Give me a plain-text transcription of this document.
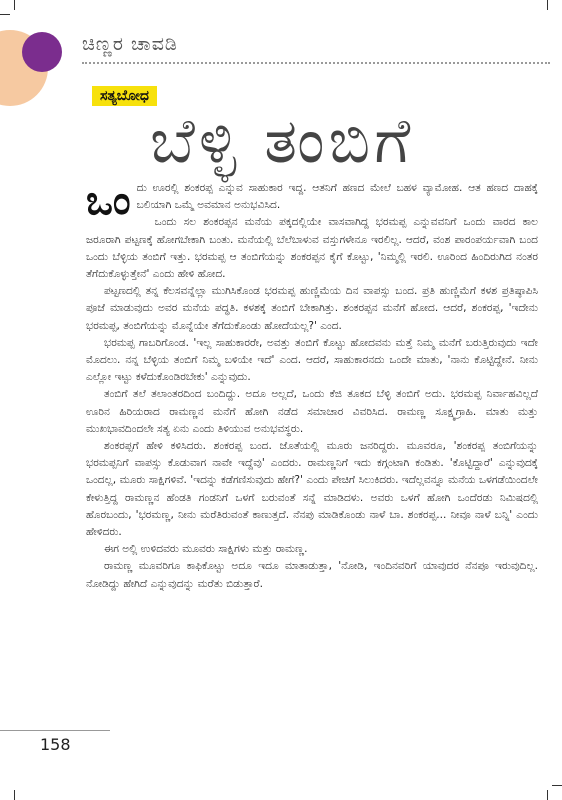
ಚಿಣ್ಣರ ಚಾವಡಿ
ಸತ್ಯಬೋಧ
ಬೆಳ್ಳಿ ತಂಬಿಗೆ

ಒಂದು ಊರಲ್ಲಿ ಶಂಕರಪ್ಪ ಎನ್ನುವ ಸಾಹುಕಾರ ಇದ್ದ. ಆತನಿಗೆ ಹಣದ ಮೇಲೆ ಬಹಳ ವ್ಯಾಮೋಹ. ಆತ ಹಣದ ದಾಹಕ್ಕೆ ಬಲಿಯಾಗಿ ಒಮ್ಮೆ ಅವಮಾನ ಅನುಭವಿಸಿದ.

ಒಂದು ಸಲ ಶಂಕರಪ್ಪನ ಮನೆಯ ಪಕ್ಕದಲ್ಲಿಯೇ ವಾಸವಾಗಿದ್ದ ಭರಮಪ್ಪ ಎನ್ನುವವನಿಗೆ ಒಂದು ವಾರದ ಕಾಲ ಜರೂರಾಗಿ ಪಟ್ಟಣಕ್ಕೆ ಹೋಗಬೇಕಾಗಿ ಬಂತು. ಮನೆಯಲ್ಲಿ ಬೆಲೆಬಾಳುವ ವಸ್ತುಗಳೇನೂ ಇರಲಿಲ್ಲ. ಆದರೆ, ವಂಶ ಪಾರಂಪರ್ಯವಾಗಿ ಬಂದ ಒಂದು ಬೆಳ್ಳಿಯ ತಂಬಿಗೆ ಇತ್ತು. ಭರಮಪ್ಪ ಆ ತಂಬಿಗೆಯನ್ನು ಶಂಕರಪ್ಪನ ಕೈಗೆ ಕೊಟ್ಟು, 'ನಿಮ್ಮಲ್ಲಿ ಇರಲಿ. ಊರಿಂದ ಹಿಂದಿರುಗಿದ ನಂತರ ತೆಗೆದುಕೊಳ್ಳುತ್ತೇನೆ' ಎಂದು ಹೇಳಿ ಹೋದ.

ಪಟ್ಟಣದಲ್ಲಿ ತನ್ನ ಕೆಲಸವನ್ನೆಲ್ಲಾ ಮುಗಿಸಿಕೊಂಡ ಭರಮಪ್ಪ ಹುಣ್ಣಿಮೆಯ ದಿನ ವಾಪಸ್ಸು ಬಂದ. ಪ್ರತಿ ಹುಣ್ಣಿಮೆಗೆ ಕಳಶ ಪ್ರತಿಷ್ಠಾಪಿಸಿ ಪೂಜೆ ಮಾಡುವುದು ಅವರ ಮನೆಯ ಪದ್ಧತಿ. ಕಳಶಕ್ಕೆ ತಂಬಿಗೆ ಬೇಕಾಗಿತ್ತು. ಶಂಕರಪ್ಪನ ಮನೆಗೆ ಹೋದ. ಆದರೆ, ಶಂಕರಪ್ಪ, 'ಇದೇನು ಭರಮಪ್ಪ, ತಂಬಿಗೆಯನ್ನು ಮೊನ್ನೆಯೇ ತೆಗೆದುಕೊಂಡು ಹೋದೆಯಲ್ಲ?' ಎಂದ.

ಭರಮಪ್ಪ ಗಾಬರಿಗೊಂಡ. 'ಇಲ್ಲ ಸಾಹುಕಾರರೇ, ಅವತ್ತು ತಂಬಿಗೆ ಕೊಟ್ಟು ಹೋದವನು ಮತ್ತೆ ನಿಮ್ಮ ಮನೆಗೆ ಬರುತ್ತಿರುವುದು ಇದೇ ಮೊದಲು. ನನ್ನ ಬೆಳ್ಳಿಯ ತಂಬಿಗೆ ನಿಮ್ಮ ಬಳಿಯೇ ಇದೆ' ಎಂದ. ಆದರೆ, ಸಾಹುಕಾರನದು ಒಂದೇ ಮಾತು, 'ನಾನು ಕೊಟ್ಟಿದ್ದೇನೆ. ನೀನು ಎಲ್ಲೋ ಇಟ್ಟು ಕಳೆದುಕೊಂಡಿರಬೇಕು' ಎನ್ನುವುದು.

ತಂಬಿಗೆ ತಲೆ ತಲಾಂತರದಿಂದ ಬಂದಿದ್ದು. ಅದೂ ಅಲ್ಲದೆ, ಒಂದು ಕೆಜಿ ತೂಕದ ಬೆಳ್ಳಿ ತಂಬಿಗೆ ಅದು. ಭರಮಪ್ಪ ನಿರ್ವಾಹವಿಲ್ಲದೆ ಊರಿನ ಹಿರಿಯರಾದ ರಾಮಣ್ಣನ ಮನೆಗೆ ಹೋಗಿ ನಡೆದ ಸಮಾಚಾರ ವಿವರಿಸಿದ. ರಾಮಣ್ಣ ಸೂಕ್ಷ್ಮಗ್ರಾಹಿ. ಮಾತು ಮತ್ತು ಮುಖಭಾವದಿಂದಲೇ ಸತ್ಯ ಏನು ಎಂದು ತಿಳಿಯುವ ಅನುಭವಸ್ಥರು.

ಶಂಕರಪ್ಪಗೆ ಹೇಳಿ ಕಳಿಸಿದರು. ಶಂಕರಪ್ಪ ಬಂದ. ಜೊತೆಯಲ್ಲಿ ಮೂರು ಜನರಿದ್ದರು. ಮೂವರೂ, 'ಶಂಕರಪ್ಪ ತಂಬಿಗೆಯನ್ನು ಭರಮಪ್ಪನಿಗೆ ವಾಪಸ್ಸು ಕೊಡುವಾಗ ನಾವೇ ಇದ್ದೆವು' ಎಂದರು. ರಾಮಣ್ಣನಿಗೆ ಇದು ಕಗ್ಗಂಟಾಗಿ ಕಂಡಿತು. 'ಕೊಟ್ಟಿದ್ದಾರೆ' ಎನ್ನುವುದಕ್ಕೆ ಒಂದಲ್ಲ, ಮೂರು ಸಾಕ್ಷಿಗಳಿವೆ. 'ಇದನ್ನು ಕಡೆಗಣಿಸುವುದು ಹೇಗೆ?' ಎಂದು ಪೇಚಿಗೆ ಸಿಲುಕಿದರು. ಇದೆಲ್ಲವನ್ನೂ ಮನೆಯ ಒಳಗಡೆಯಿಂದಲೇ ಕೇಳುತ್ತಿದ್ದ ರಾಮಣ್ಣನ ಹೆಂಡತಿ ಗಂಡನಿಗೆ ಒಳಗೆ ಬರುವಂತೆ ಸನ್ನೆ ಮಾಡಿದಳು. ಅವರು ಒಳಗೆ ಹೋಗಿ ಒಂದೆರಡು ನಿಮಿಷದಲ್ಲಿ ಹೊರಬಂದು, 'ಭರಮಣ್ಣ, ನೀನು ಮರೆತಿರುವಂತೆ ಕಾಣುತ್ತದೆ. ನೆನಪು ಮಾಡಿಕೊಂಡು ನಾಳೆ ಬಾ. ಶಂಕರಪ್ಪ... ನೀವೂ ನಾಳೆ ಬನ್ನಿ' ಎಂದು ಹೇಳಿದರು.

ಈಗ ಅಲ್ಲಿ ಉಳಿದವರು ಮೂವರು ಸಾಕ್ಷಿಗಳು ಮತ್ತು ರಾಮಣ್ಣ.

ರಾಮಣ್ಣ ಮೂವರಿಗೂ ಕಾಫಿಕೊಟ್ಟು ಅದೂ ಇದೂ ಮಾತಾಡುತ್ತಾ, 'ನೋಡಿ, ಇಂದಿನವರಿಗೆ ಯಾವುದರ ನೆನಪೂ ಇರುವುದಿಲ್ಲ. ನೋಡಿದ್ದು ಹೇಗಿದೆ ಎನ್ನುವುದನ್ನು ಮರೆತು ಬಿಡುತ್ತಾರೆ.

158
